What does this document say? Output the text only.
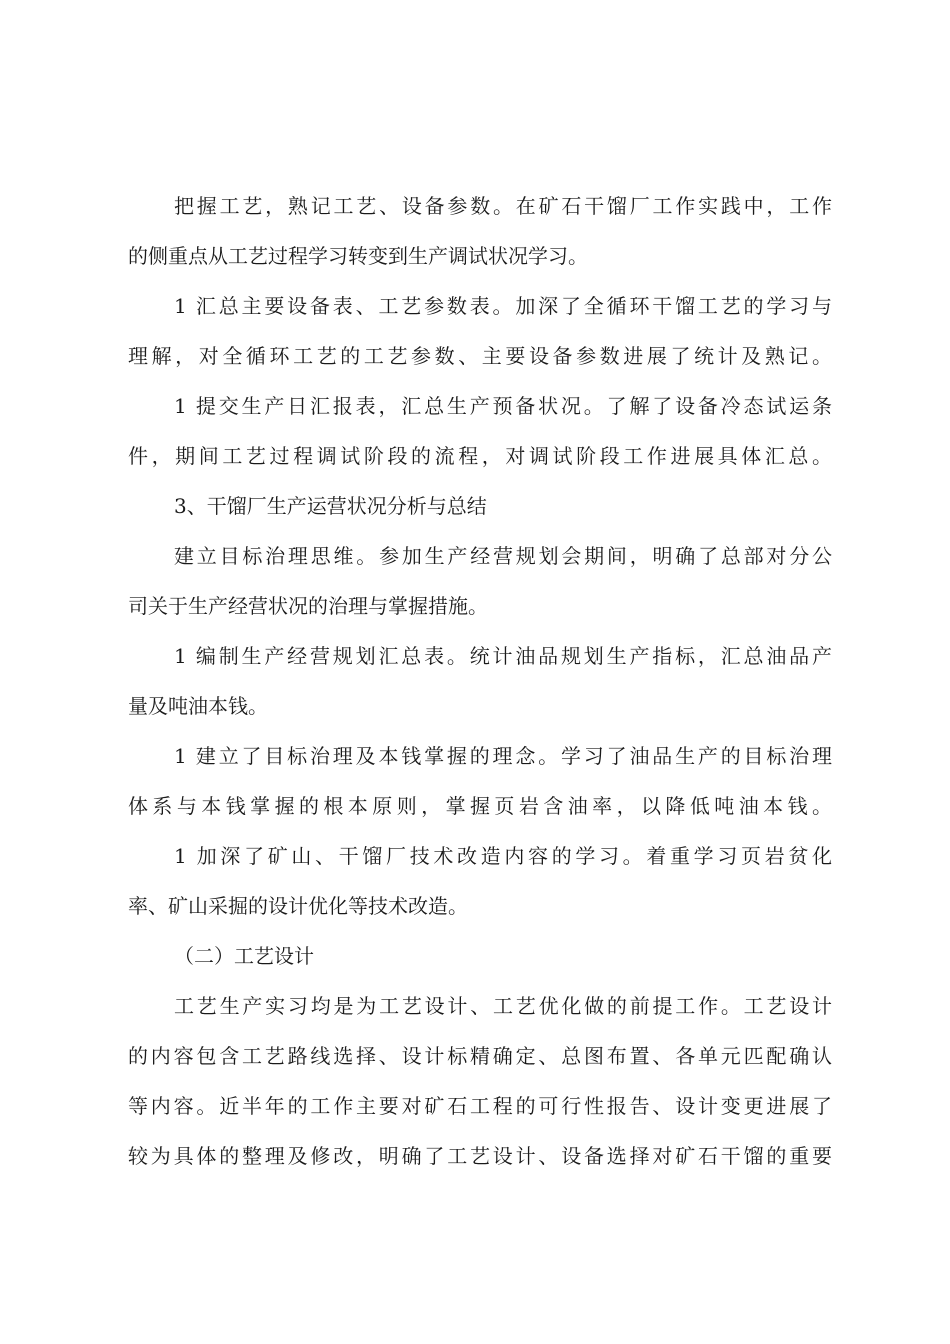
把握工艺，熟记工艺、设备参数。在矿石干馏厂工作实践中，工作
的侧重点从工艺过程学习转变到生产调试状况学习。
1 汇总主要设备表、工艺参数表。加深了全循环干馏工艺的学习与
理解，对全循环工艺的工艺参数、主要设备参数进展了统计及熟记。
1 提交生产日汇报表，汇总生产预备状况。了解了设备冷态试运条
件，期间工艺过程调试阶段的流程，对调试阶段工作进展具体汇总。
3、干馏厂生产运营状况分析与总结
建立目标治理思维。参加生产经营规划会期间，明确了总部对分公
司关于生产经营状况的治理与掌握措施。
1 编制生产经营规划汇总表。统计油品规划生产指标，汇总油品产
量及吨油本钱。
1 建立了目标治理及本钱掌握的理念。学习了油品生产的目标治理
体系与本钱掌握的根本原则，掌握页岩含油率，以降低吨油本钱。
1 加深了矿山、干馏厂技术改造内容的学习。着重学习页岩贫化
率、矿山采掘的设计优化等技术改造。
（二）工艺设计
工艺生产实习均是为工艺设计、工艺优化做的前提工作。工艺设计
的内容包含工艺路线选择、设计标精确定、总图布置、各单元匹配确认
等内容。近半年的工作主要对矿石工程的可行性报告、设计变更进展了
较为具体的整理及修改，明确了工艺设计、设备选择对矿石干馏的重要
